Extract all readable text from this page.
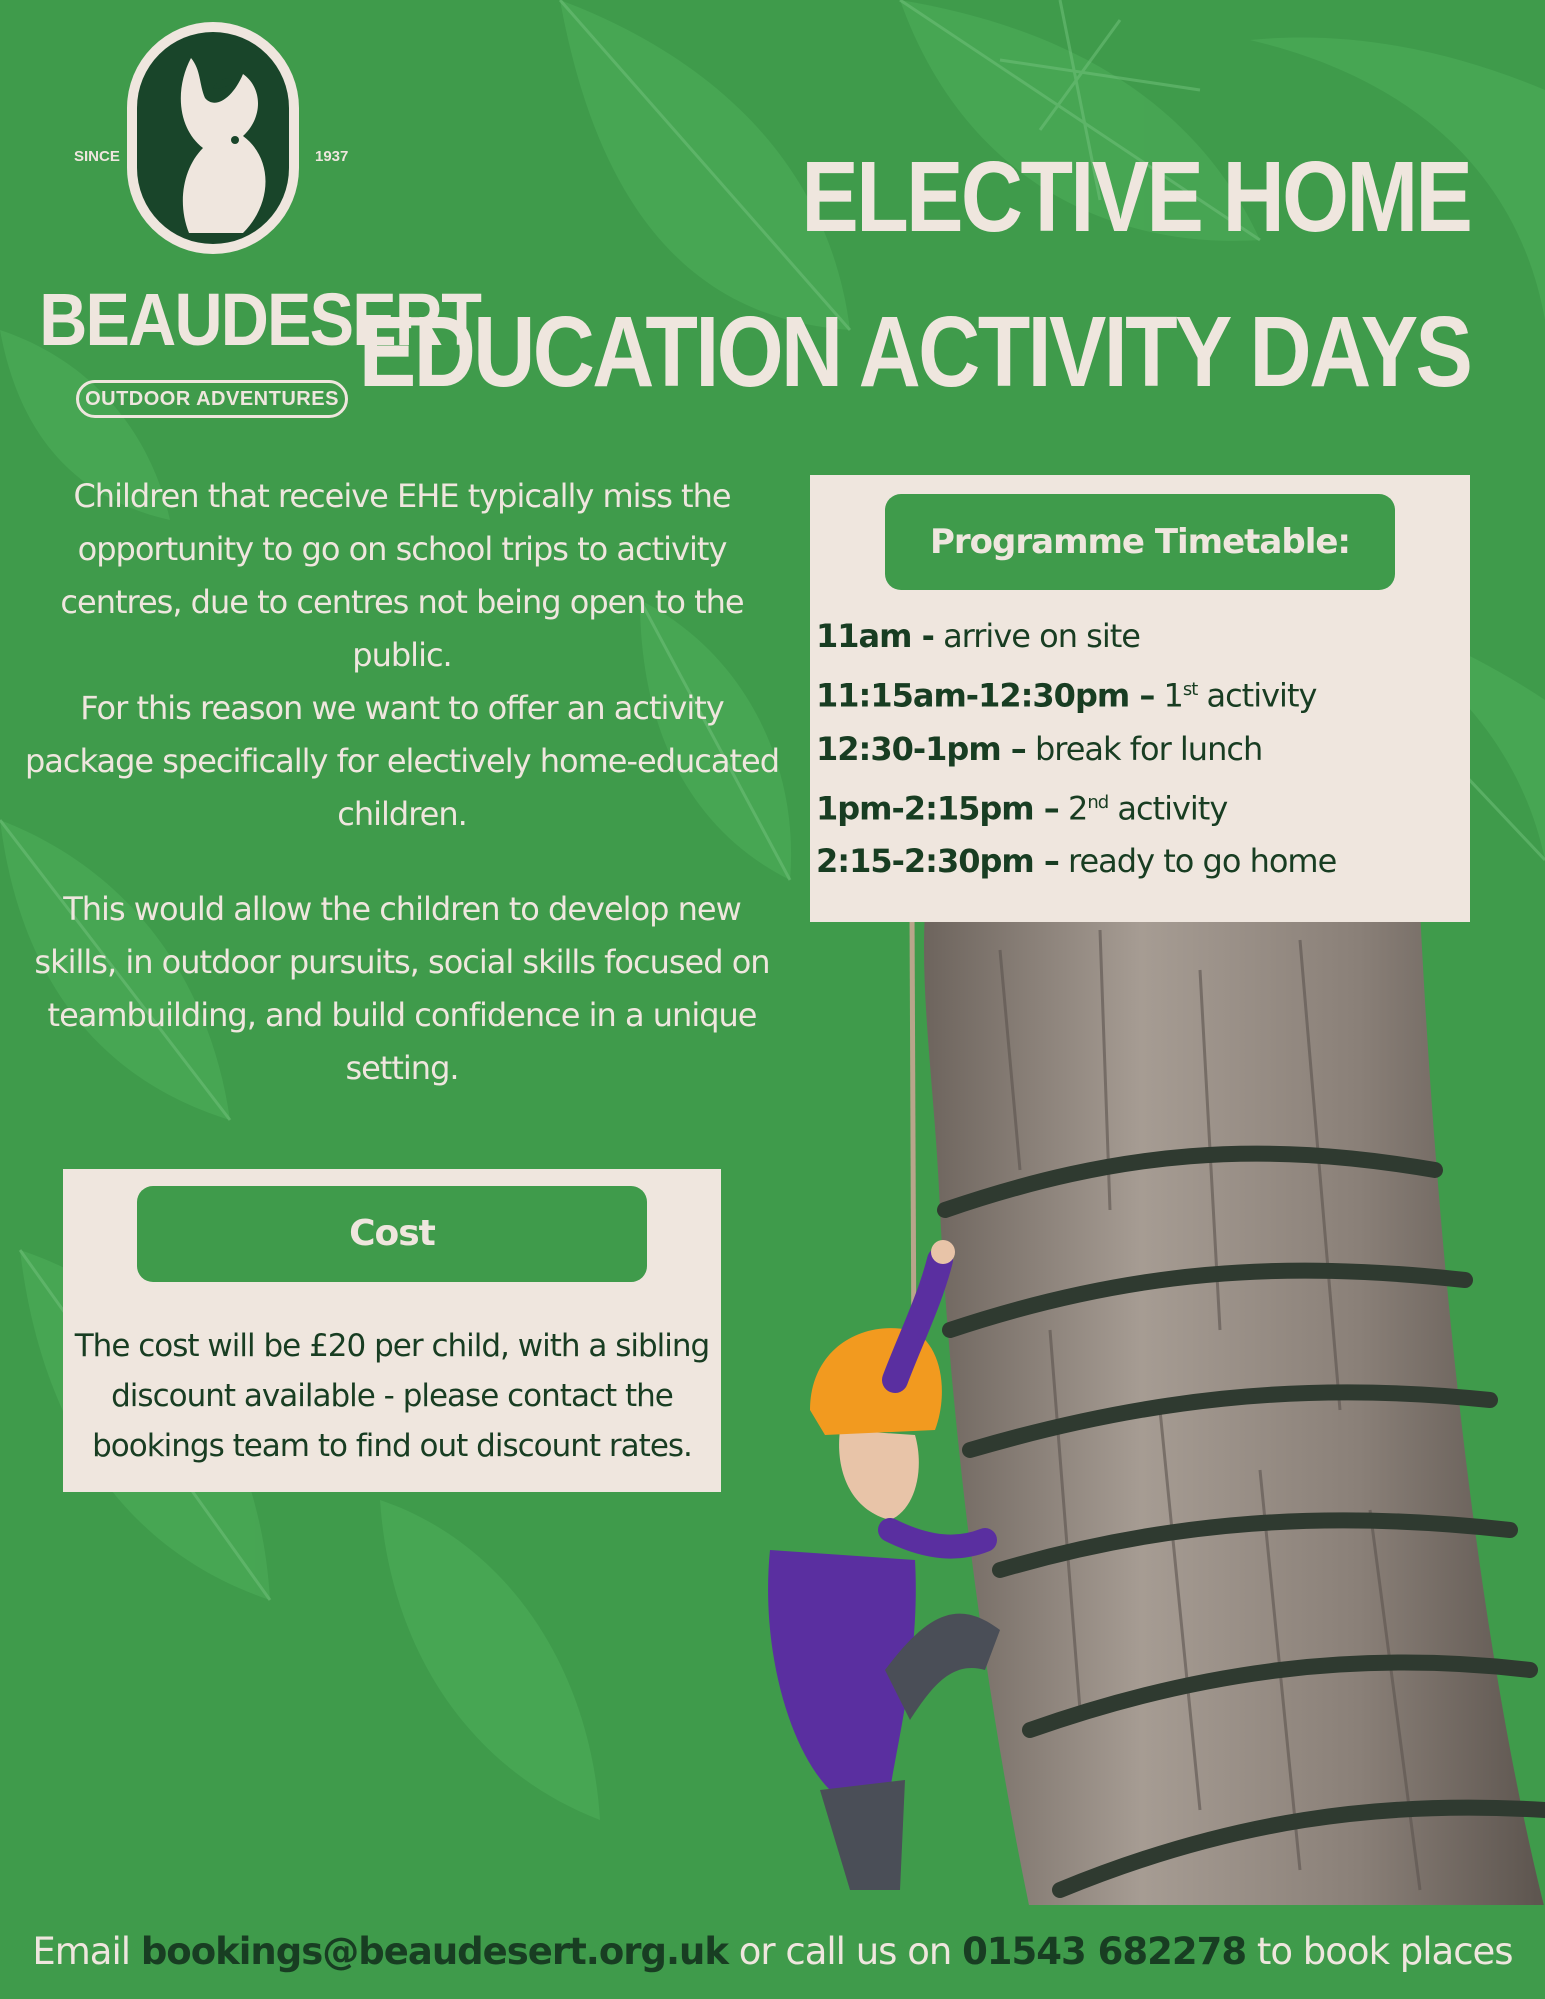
SINCE	1937
BEAUDESERT
OUTDOOR ADVENTURES
ELECTIVE HOME
EDUCATION ACTIVITY DAYS

Children that receive EHE typically miss the opportunity to go on school trips to activity centres, due to centres not being open to the public.
For this reason we want to offer an activity package specifically for electively home-educated children.

This would allow the children to develop new skills, in outdoor pursuits, social skills focused on teambuilding, and build confidence in a unique setting.

Programme Timetable:
11am - arrive on site
11:15am-12:30pm – 1st activity
12:30-1pm – break for lunch
1pm-2:15pm – 2nd activity
2:15-2:30pm – ready to go home
Cost
The cost will be £20 per child, with a sibling discount available - please contact the bookings team to find out discount rates.
Email bookings@beaudesert.org.uk or call us on 01543 682278 to book places
